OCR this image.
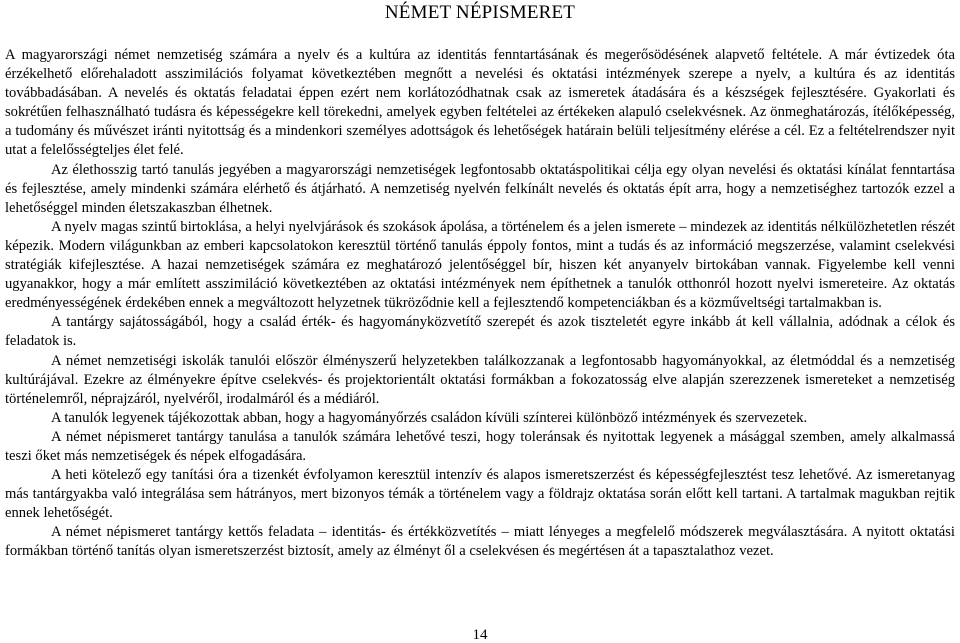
NÉMET NÉPISMERET

A magyarországi német nemzetiség számára a nyelv és a kultúra az identitás fenntartásának és megerősödésének alapvető feltétele. A már évtizedek óta érzékelhető előrehaladott asszimilációs folyamat következtében megnőtt a nevelési és oktatási intézmények szerepe a nyelv, a kultúra és az identitás továbbadásában. A nevelés és oktatás feladatai éppen ezért nem korlátozódhatnak csak az ismeretek átadására és a készségek fejlesztésére. Gyakorlati és sokrétűen felhasználható tudásra és képességekre kell törekedni, amelyek egyben feltételei az értékeken alapuló cselekvésnek. Az önmeghatározás, ítélőképesség, a tudomány és művészet iránti nyitottság és a mindenkori személyes adottságok és lehetőségek határain belüli teljesítmény elérése a cél. Ez a feltételrendszer nyit utat a felelősségteljes élet felé.

Az élethosszig tartó tanulás jegyében a magyarországi nemzetiségek legfontosabb oktatáspolitikai célja egy olyan nevelési és oktatási kínálat fenntartása és fejlesztése, amely mindenki számára elérhető és átjárható. A nemzetiség nyelvén felkínált nevelés és oktatás épít arra, hogy a nemzetiséghez tartozók ezzel a lehetőséggel minden életszakaszban élhetnek.

A nyelv magas szintű birtoklása, a helyi nyelvjárások és szokások ápolása, a történelem és a jelen ismerete – mindezek az identitás nélkülözhetetlen részét képezik. Modern világunkban az emberi kapcsolatokon keresztül történő tanulás éppoly fontos, mint a tudás és az információ megszerzése, valamint cselekvési stratégiák kifejlesztése. A hazai nemzetiségek számára ez meghatározó jelentőséggel bír, hiszen két anyanyelv birtokában vannak. Figyelembe kell venni ugyanakkor, hogy a már említett asszimiláció következtében az oktatási intézmények nem építhetnek a tanulók otthonról hozott nyelvi ismereteire. Az oktatás eredményességének érdekében ennek a megváltozott helyzetnek tükröződnie kell a fejlesztendő kompetenciákban és a közműveltségi tartalmakban is.

A tantárgy sajátosságából, hogy a család érték- és hagyományközvetítő szerepét és azok tiszteletét egyre inkább át kell vállalnia, adódnak a célok és feladatok is.

A német nemzetiségi iskolák tanulói először élményszerű helyzetekben találkozzanak a legfontosabb hagyományokkal, az életmóddal és a nemzetiség kultúrájával. Ezekre az élményekre építve cselekvés- és projektorientált oktatási formákban a fokozatosság elve alapján szerezzenek ismereteket a nemzetiség történelemről, néprajzáról, nyelvéről, irodalmáról és a médiáról.

A tanulók legyenek tájékozottak abban, hogy a hagyományőrzés családon kívüli színterei különböző intézmények és szervezetek.

A német népismeret tantárgy tanulása a tanulók számára lehetővé teszi, hogy toleránsak és nyitottak legyenek a másággal szemben, amely alkalmassá teszi őket más nemzetiségek és népek elfogadására.

A heti kötelező egy tanítási óra a tizenkét évfolyamon keresztül intenzív és alapos ismeretszerzést és képességfejlesztést tesz lehetővé. Az ismeretanyag más tantárgyakba való integrálása sem hátrányos, mert bizonyos témák a történelem vagy a földrajz oktatása során előtt kell tartani. A tartalmak magukban rejtik ennek lehetőségét.

A német népismeret tantárgy kettős feladata – identitás- és értékközvetítés – miatt lényeges a megfelelő módszerek megválasztására. A nyitott oktatási formákban történő tanítás olyan ismeretszerzést biztosít, amely az élményt ől a cselekvésen és megértésen át a tapasztalathoz vezet.

14
